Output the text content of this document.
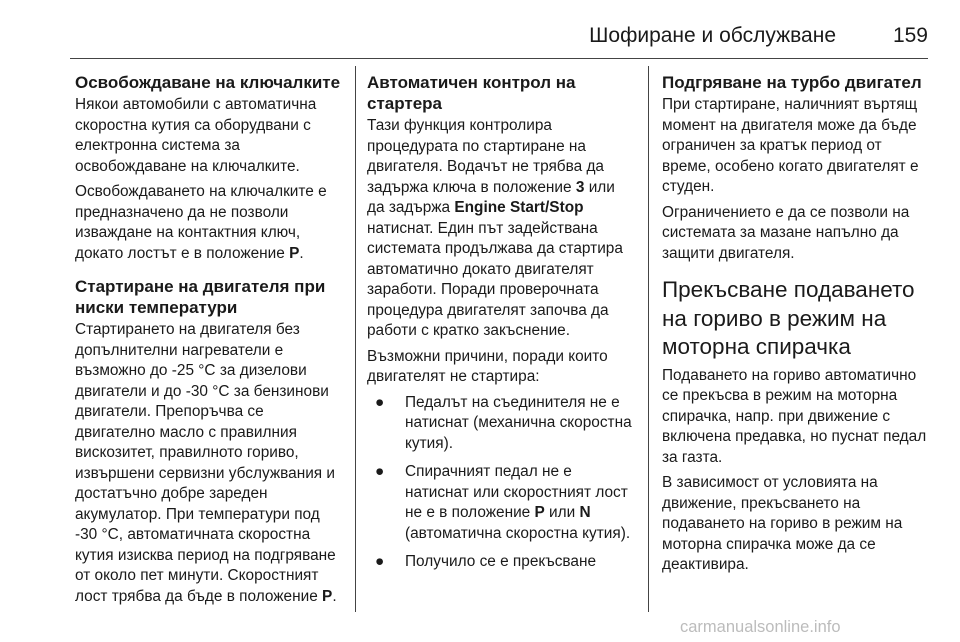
Шофиране и обслужване	159
Освобождаване на ключалките

Някои автомобили с автоматична скоростна кутия са оборудвани с електронна система за освобождаване на ключалките.

Освобождаването на ключалките е предназначено да не позволи изваждане на контактния ключ, докато лостът е в положение P.

Стартиране на двигателя при ниски температури

Стартирането на двигателя без допълнителни нагреватели е възможно до -25 °C за дизелови двигатели и до -30 °C за бензинови двигатели. Препоръчва се двигателно масло с правилния вискозитет, правилното гориво, извършени сервизни убслужвания и достатъчно добре зареден акумулатор. При температури под -30 °C, автоматичната скоростна кутия изисква период на подгряване от около пет минути. Скоростният лост трябва да бъде в положение P.

Автоматичен контрол на стартера

Тази функция контролира процедурата по стартиране на двигателя. Водачът не трябва да задържа ключа в положение 3 или да задържа Engine Start/Stop натиснат. Един път задействана системата продължава да стартира автоматично докато двигателят заработи. Поради проверочната процедура двигателят започва да работи с кратко закъснение.

Възможни причини, поради които двигателят не стартира:

● Педалът на съединителя не е натиснат (механична скоростна кутия).
● Спирачният педал не е натиснат или скоростният лост не е в положение P или N (автоматична скоростна кутия).
● Получило се е прекъсване
Подгряване на турбо двигател

При стартиране, наличният въртящ момент на двигателя може да бъде ограничен за кратък период от време, особено когато двигателят е студен.

Ограничението е да се позволи на системата за мазане напълно да защити двигателя.

Прекъсване подаването на гориво в режим на моторна спирачка

Подаването на гориво автоматично се прекъсва в режим на моторна спирачка, напр. при движение с включена предавка, но пуснат педал за газта.

В зависимост от условията на движение, прекъсването на подаването на гориво в режим на моторна спирачка може да се деактивира.

carmanualsonline.info
